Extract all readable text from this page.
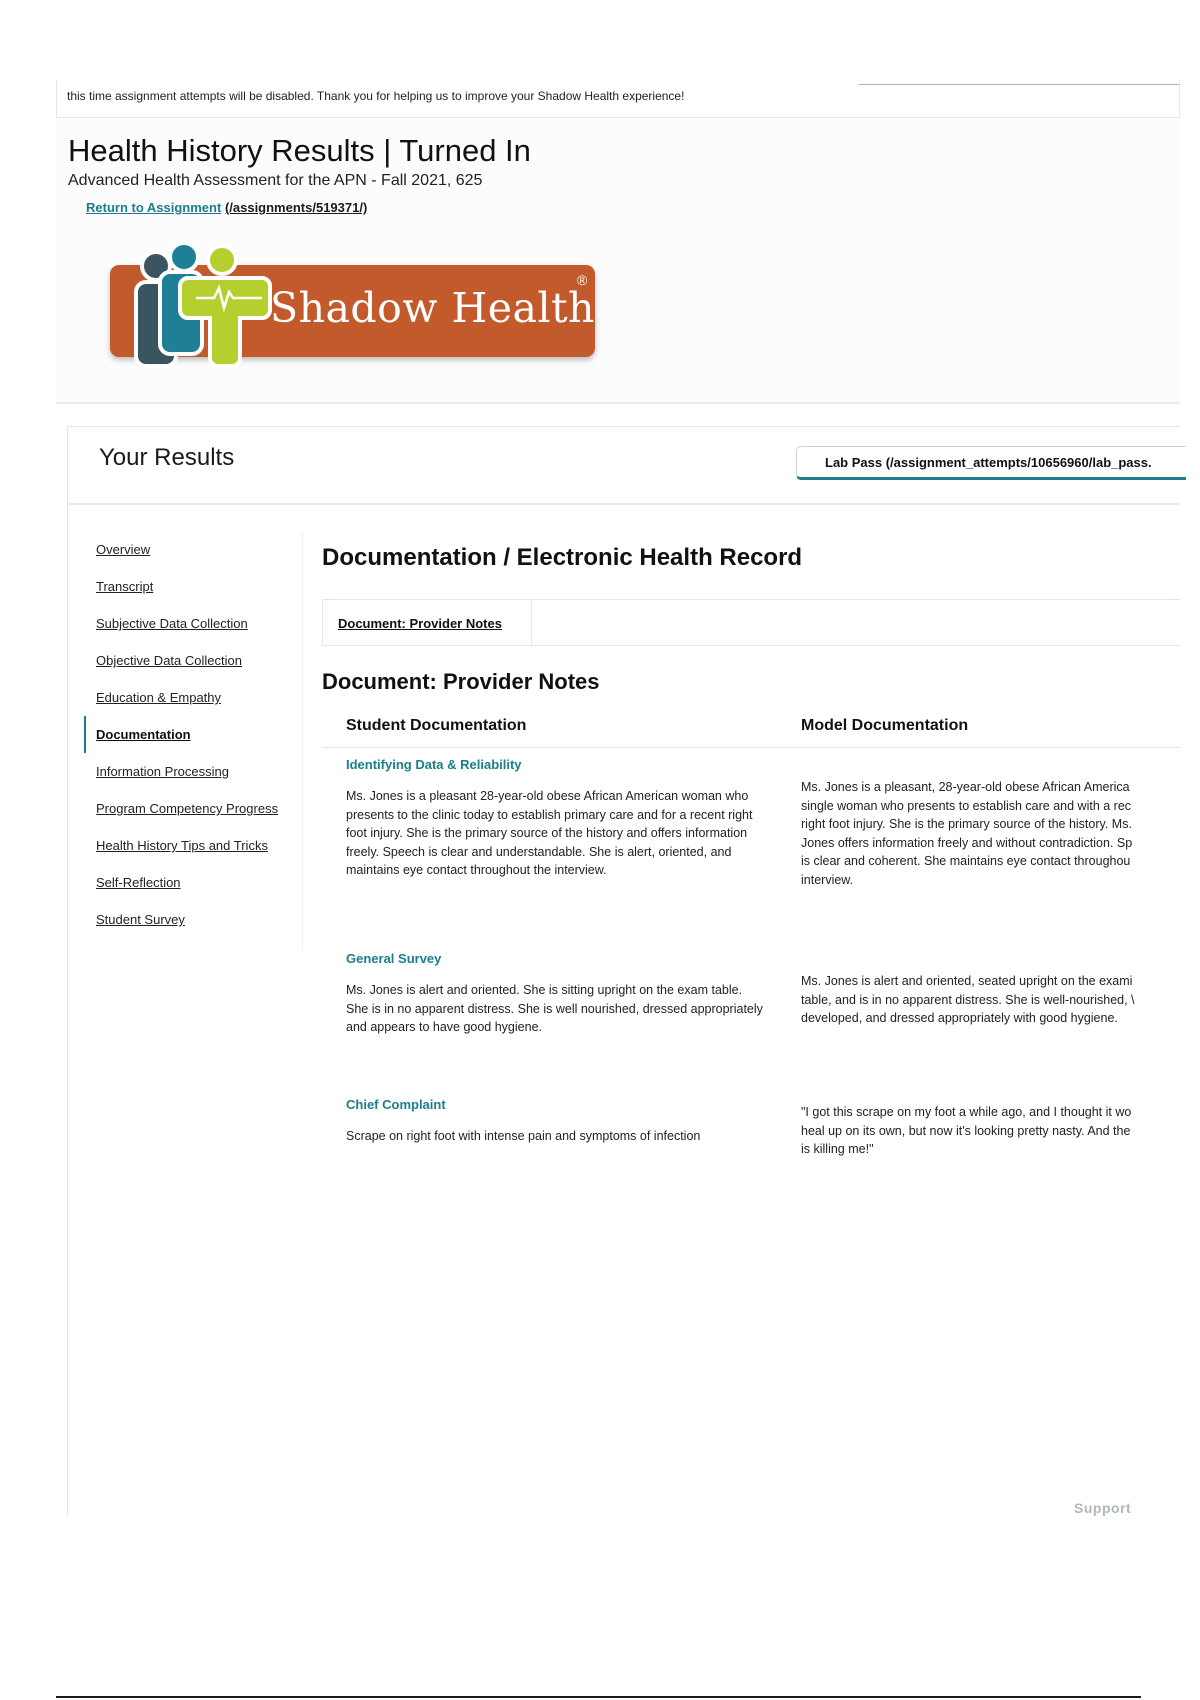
this time assignment attempts will be disabled. Thank you for helping us to improve your Shadow Health experience!
Health History Results | Turned In
Advanced Health Assessment for the APN - Fall 2021, 625
Return to Assignment (/assignments/519371/)
Shadow Health
®
Your Results	Lab Pass (/assignment_attempts/10656960/lab_pass.
Overview
Transcript
Subjective Data Collection
Objective Data Collection
Education & Empathy
Documentation
Information Processing
Program Competency Progress
Health History Tips and Tricks
Self-Reflection
Student Survey
Documentation / Electronic Health Record
Document: Provider Notes
Document: Provider Notes
Student Documentation	Model Documentation
Identifying Data & Reliability

Ms. Jones is a pleasant 28-year-old obese African American woman who presents to the clinic today to establish primary care and for a recent right foot injury. She is the primary source of the history and offers information freely. Speech is clear and understandable. She is alert, oriented, and maintains eye contact throughout the interview.

Ms. Jones is a pleasant, 28-year-old obese African America
single woman who presents to establish care and with a rec
right foot injury. She is the primary source of the history. Ms.
Jones offers information freely and without contradiction. Sp
is clear and coherent. She maintains eye contact throughou
interview.
General Survey

Ms. Jones is alert and oriented. She is sitting upright on the exam table. She is in no apparent distress. She is well nourished, dressed appropriately and appears to have good hygiene.

Ms. Jones is alert and oriented, seated upright on the exami
table, and is in no apparent distress. She is well-nourished, \
developed, and dressed appropriately with good hygiene.
Chief Complaint

Scrape on right foot with intense pain and symptoms of infection

"I got this scrape on my foot a while ago, and I thought it wo
heal up on its own, but now it's looking pretty nasty. And the
is killing me!"
Support
